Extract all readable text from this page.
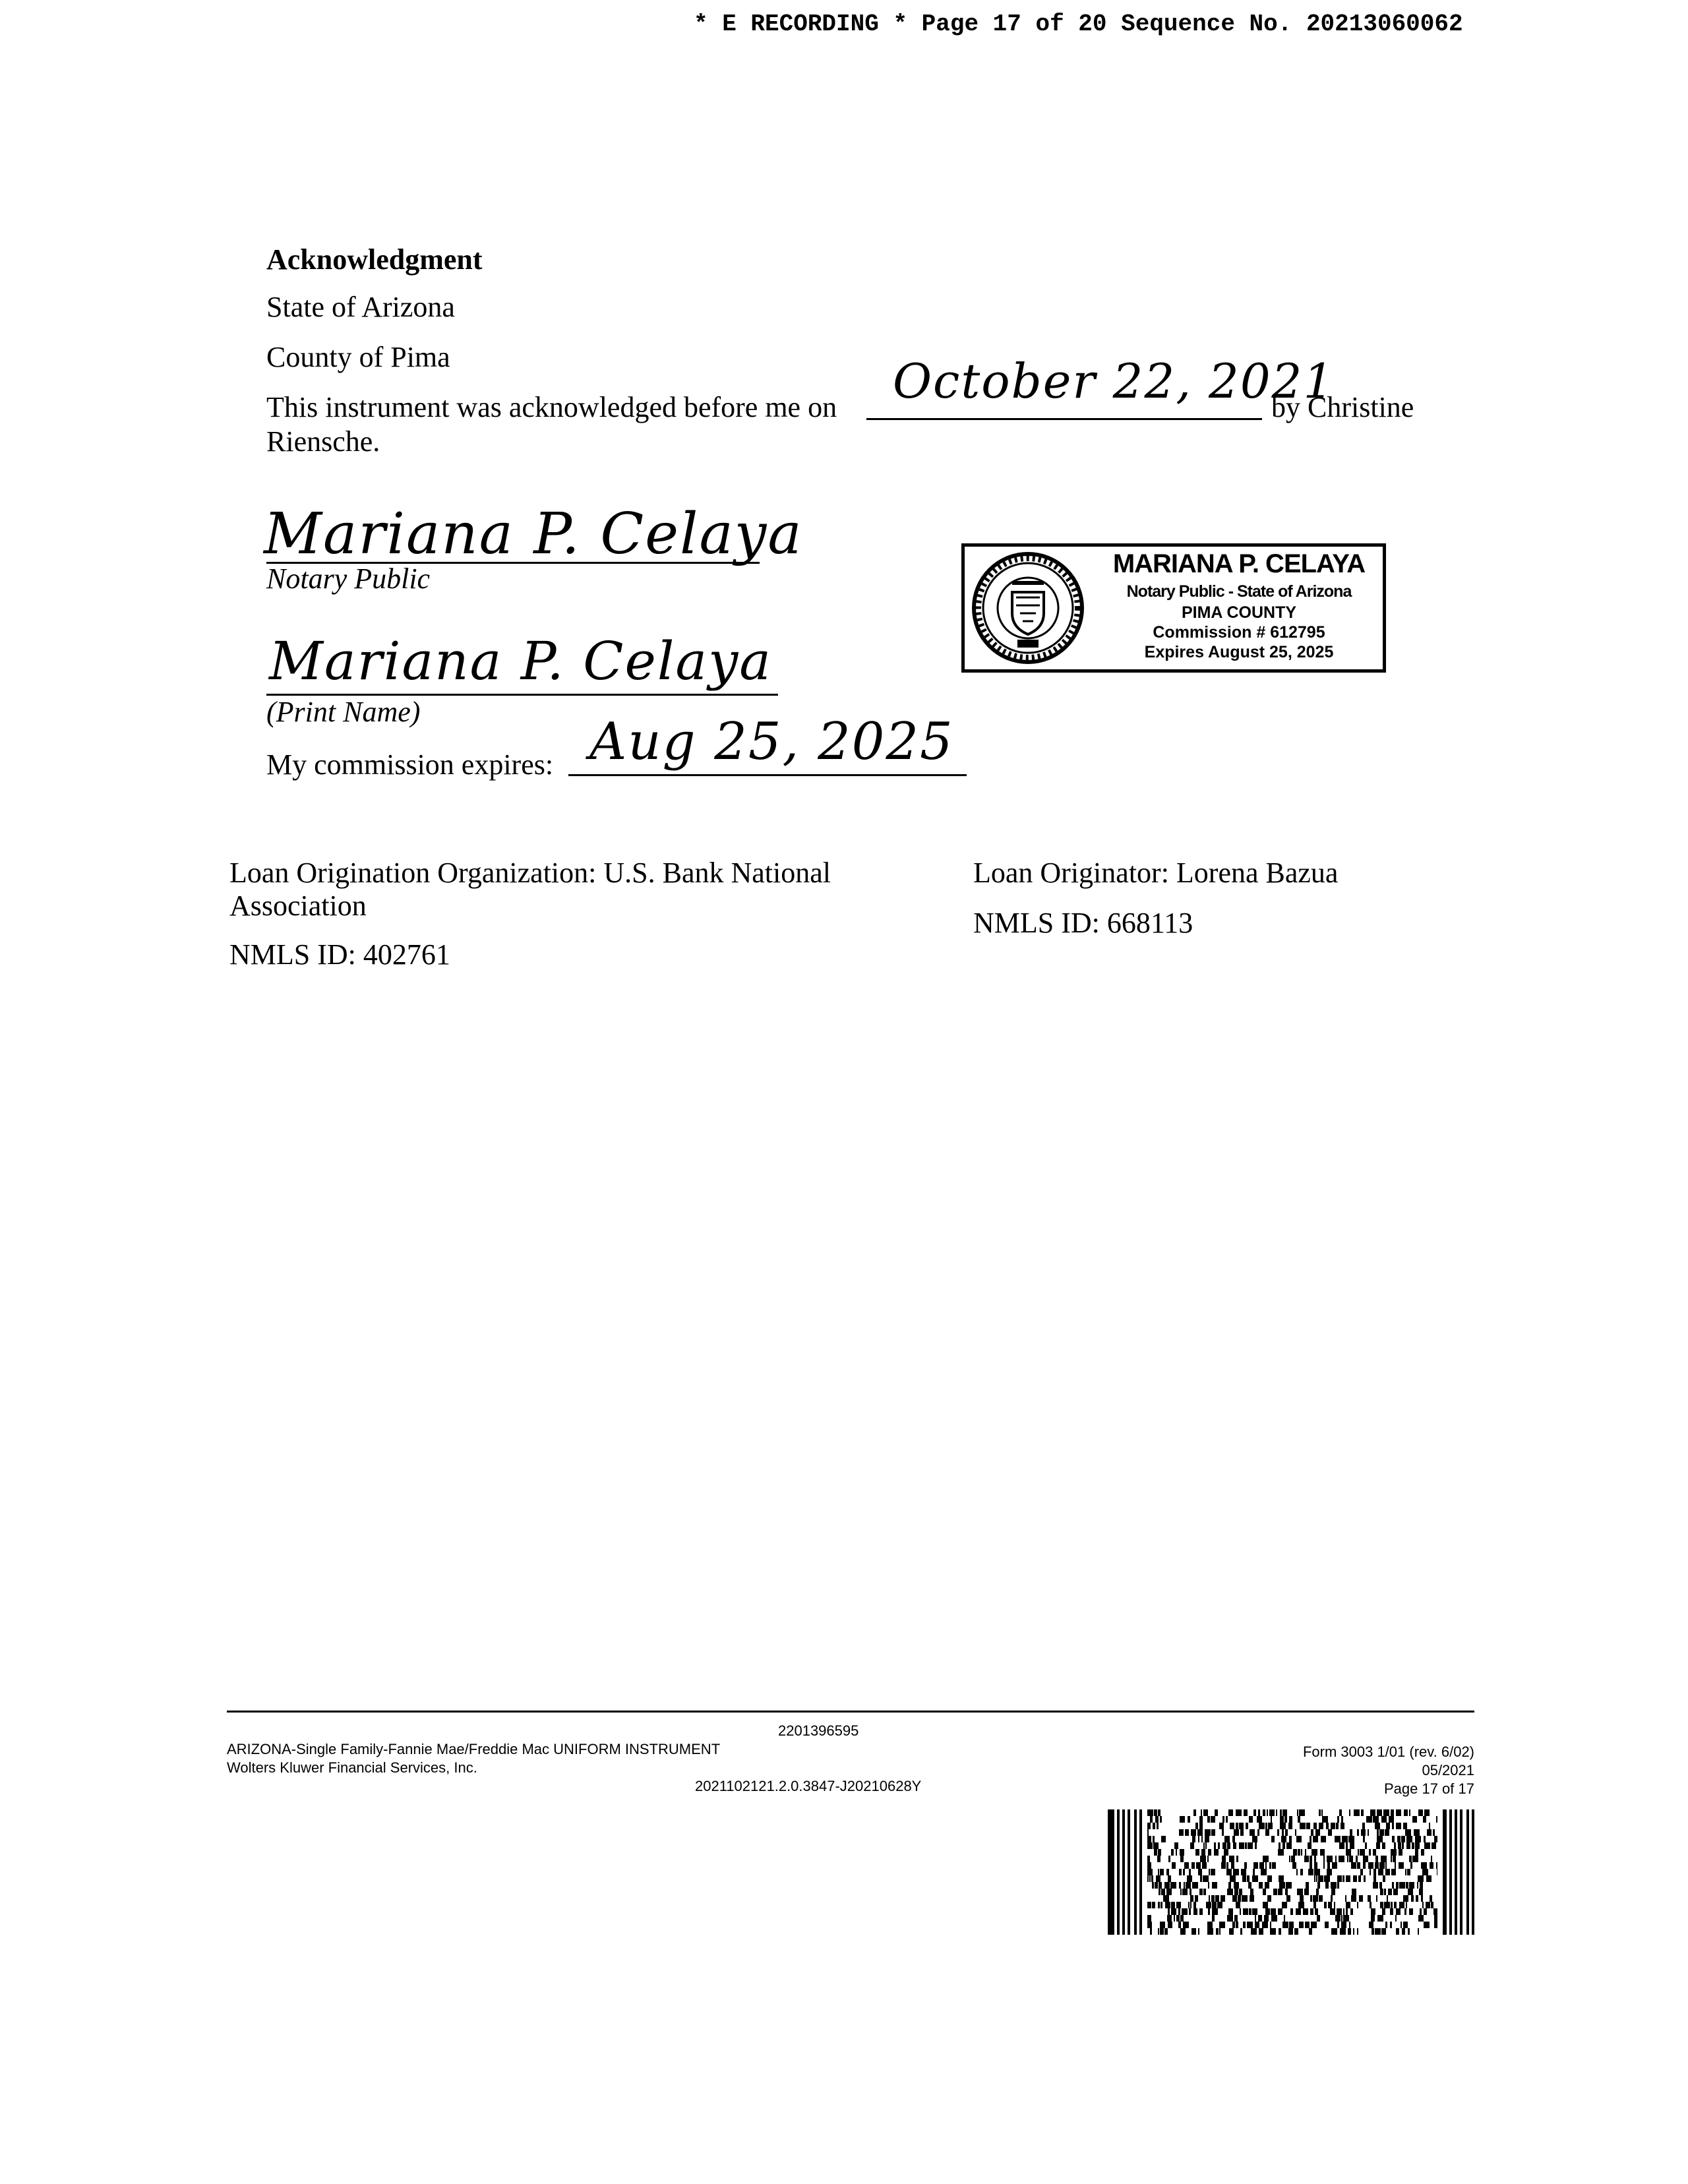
* E RECORDING * Page 17 of 20 Sequence No. 20213060062
Acknowledgment
State of Arizona
County of Pima
This instrument was acknowledged before me on October 22, 2021
by Christine
Riensche.
Mariana P. Celaya
Notary Public
Mariana P. Celaya
(Print Name)
My commission expires: Aug 25, 2025
MARIANA P. CELAYA
Notary Public - State of Arizona
PIMA COUNTY
Commission # 612795
Expires August 25, 2025
Loan Origination Organization: U.S. Bank National
Association
NMLS ID: 402761
Loan Originator: Lorena Bazua
NMLS ID: 668113
2201396595
ARIZONA-Single Family-Fannie Mae/Freddie Mac UNIFORM INSTRUMENT
Wolters Kluwer Financial Services, Inc.
2021102121.2.0.3847-J20210628Y
Form 3003 1/01 (rev. 6/02)
05/2021
Page 17 of 17
